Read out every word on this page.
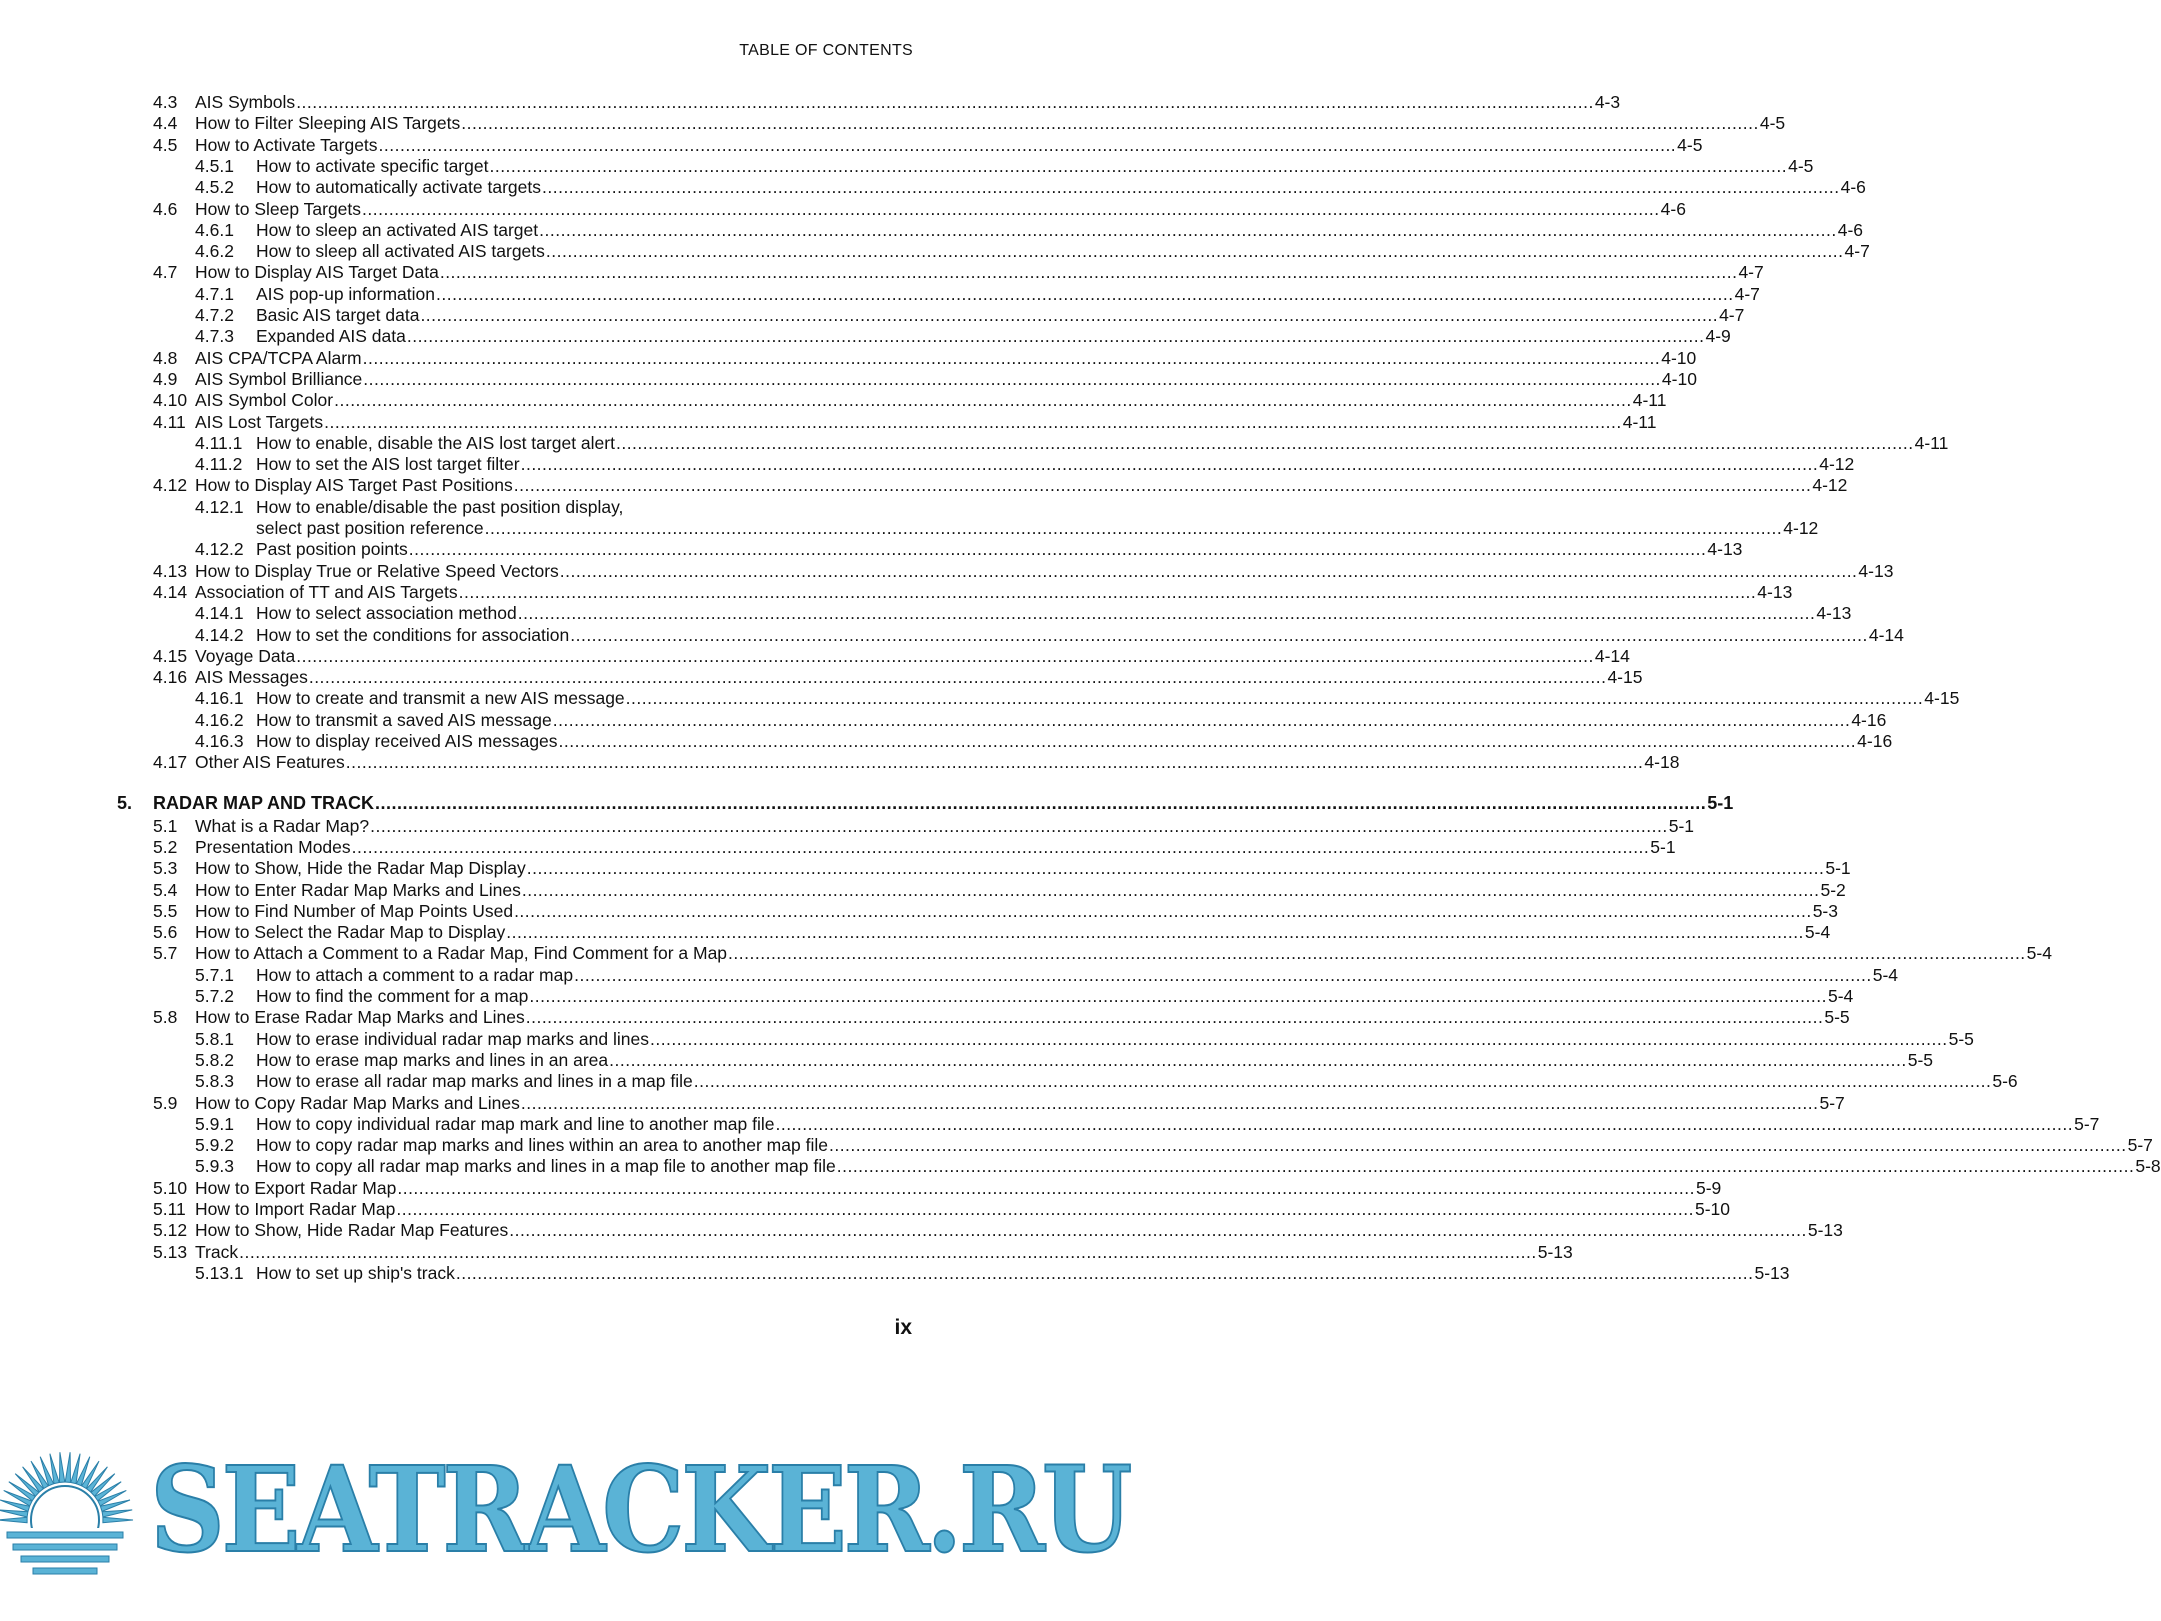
TABLE OF CONTENTS
4.3 AIS Symbols .....	4-3
4.4 How to Filter Sleeping AIS Targets .....	4-5
4.5 How to Activate Targets .....	4-5
4.5.1 How to activate specific target .....	4-5
4.5.2 How to automatically activate targets .....	4-6
4.6 How to Sleep Targets .....	4-6
4.6.1 How to sleep an activated AIS target .....	4-6
4.6.2 How to sleep all activated AIS targets .....	4-7
4.7 How to Display AIS Target Data .....	4-7
4.7.1 AIS pop-up information .....	4-7
4.7.2 Basic AIS target data .....	4-7
4.7.3 Expanded AIS data .....	4-9
4.8 AIS CPA/TCPA Alarm .....	4-10
4.9 AIS Symbol Brilliance .....	4-10
4.10 AIS Symbol Color .....	4-11
4.11 AIS Lost Targets .....	4-11
4.11.1 How to enable, disable the AIS lost target alert .....	4-11
4.11.2 How to set the AIS lost target filter .....	4-12
4.12 How to Display AIS Target Past Positions .....	4-12
4.12.1 How to enable/disable the past position display,
select past position reference .....	4-12
4.12.2 Past position points .....	4-13
4.13 How to Display True or Relative Speed Vectors .....	4-13
4.14 Association of TT and AIS Targets .....	4-13
4.14.1 How to select association method .....	4-13
4.14.2 How to set the conditions for association .....	4-14
4.15 Voyage Data .....	4-14
4.16 AIS Messages .....	4-15
4.16.1 How to create and transmit a new AIS message .....	4-15
4.16.2 How to transmit a saved AIS message .....	4-16
4.16.3 How to display received AIS messages .....	4-16
4.17 Other AIS Features .....	4-18
5. RADAR MAP AND TRACK .....	5-1
5.1 What is a Radar Map? .....	5-1
5.2 Presentation Modes .....	5-1
5.3 How to Show, Hide the Radar Map Display .....	5-1
5.4 How to Enter Radar Map Marks and Lines .....	5-2
5.5 How to Find Number of Map Points Used .....	5-3
5.6 How to Select the Radar Map to Display .....	5-4
5.7 How to Attach a Comment to a Radar Map, Find Comment for a Map .....	5-4
5.7.1 How to attach a comment to a radar map .....	5-4
5.7.2 How to find the comment for a map .....	5-4
5.8 How to Erase Radar Map Marks and Lines .....	5-5
5.8.1 How to erase individual radar map marks and lines .....	5-5
5.8.2 How to erase map marks and lines in an area .....	5-5
5.8.3 How to erase all radar map marks and lines in a map file .....	5-6
5.9 How to Copy Radar Map Marks and Lines .....	5-7
5.9.1 How to copy individual radar map mark and line to another map file .....	5-7
5.9.2 How to copy radar map marks and lines within an area to another map file .....	5-7
5.9.3 How to copy all radar map marks and lines in a map file to another map file .....	5-8
5.10 How to Export Radar Map .....	5-9
5.11 How to Import Radar Map .....	5-10
5.12 How to Show, Hide Radar Map Features .....	5-13
5.13 Track .....	5-13
5.13.1 How to set up ship's track .....	5-13
ix
SEATRACKER.RU
